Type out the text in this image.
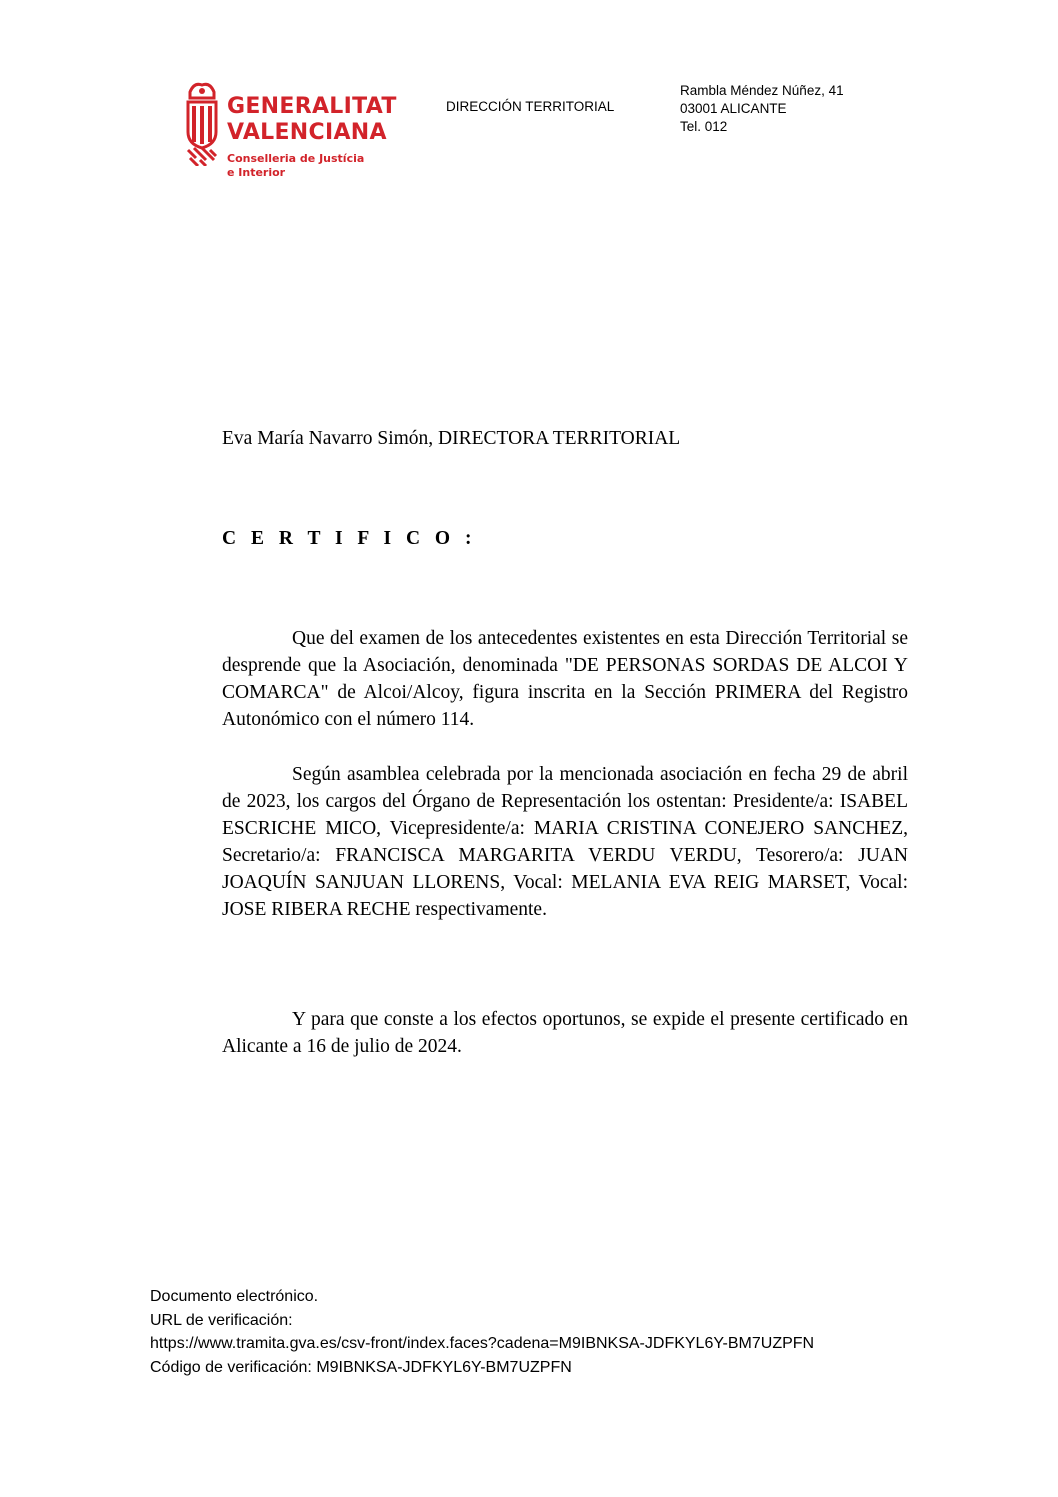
GENERALITAT
VALENCIANA
Conselleria de Justícia
e Interior
DIRECCIÓN TERRITORIAL
Rambla Méndez Núñez, 41
03001 ALICANTE
Tel. 012
Eva María Navarro Simón, DIRECTORA TERRITORIAL
C E R T I F I C O :

Que del examen de los antecedentes existentes en esta Dirección Territorial se desprende que la Asociación, denominada "DE PERSONAS SORDAS DE ALCOI Y COMARCA" de Alcoi/Alcoy, figura inscrita en la Sección PRIMERA del Registro Autonómico con el número 114.

Según asamblea celebrada por la mencionada asociación en fecha 29 de abril de 2023, los cargos del Órgano de Representación los ostentan: Presidente/a: ISABEL ESCRICHE MICO, Vicepresidente/a: MARIA CRISTINA CONEJERO SANCHEZ, Secretario/a: FRANCISCA MARGARITA VERDU VERDU, Tesorero/a: JUAN JOAQUÍN SANJUAN LLORENS, Vocal: MELANIA EVA REIG MARSET, Vocal: JOSE RIBERA RECHE respectivamente.

Y para que conste a los efectos oportunos, se expide el presente certificado en Alicante a 16 de julio de 2024.

Documento electrónico.
URL de verificación:
https://www.tramita.gva.es/csv-front/index.faces?cadena=M9IBNKSA-JDFKYL6Y-BM7UZPFN
Código de verificación: M9IBNKSA-JDFKYL6Y-BM7UZPFN
